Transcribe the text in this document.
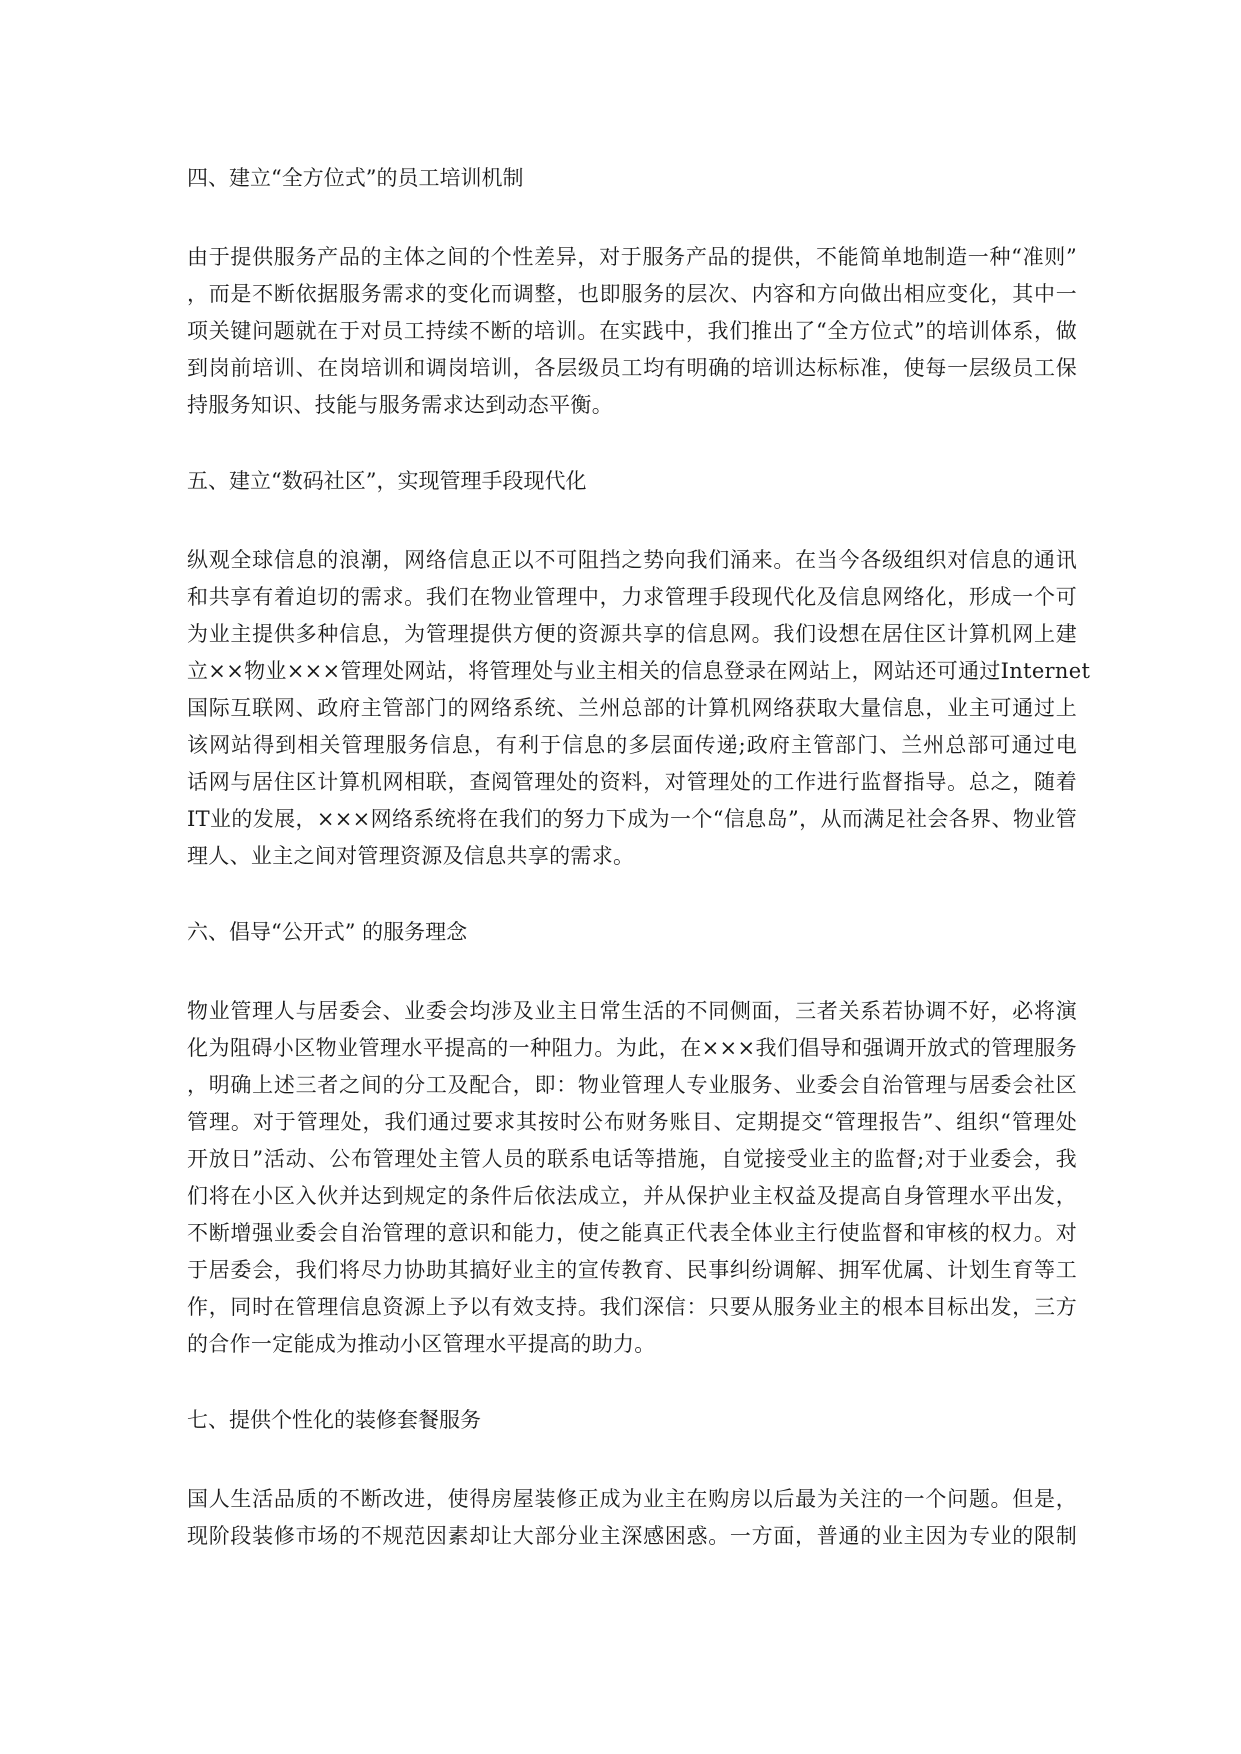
四、建立“全方位式”的员工培训机制
由于提供服务产品的主体之间的个性差异，对于服务产品的提供，不能简单地制造一种“准则”
，而是不断依据服务需求的变化而调整，也即服务的层次、内容和方向做出相应变化，其中一
项关键问题就在于对员工持续不断的培训。在实践中，我们推出了“全方位式”的培训体系，做
到岗前培训、在岗培训和调岗培训，各层级员工均有明确的培训达标标准，使每一层级员工保
持服务知识、技能与服务需求达到动态平衡。
五、建立“数码社区”，实现管理手段现代化
纵观全球信息的浪潮，网络信息正以不可阻挡之势向我们涌来。在当今各级组织对信息的通讯
和共享有着迫切的需求。我们在物业管理中，力求管理手段现代化及信息网络化，形成一个可
为业主提供多种信息，为管理提供方便的资源共享的信息网。我们设想在居住区计算机网上建
立××物业×××管理处网站，将管理处与业主相关的信息登录在网站上，网站还可通过Internet
国际互联网、政府主管部门的网络系统、兰州总部的计算机网络获取大量信息，业主可通过上
该网站得到相关管理服务信息，有利于信息的多层面传递;政府主管部门、兰州总部可通过电
话网与居住区计算机网相联，查阅管理处的资料，对管理处的工作进行监督指导。总之，随着
IT业的发展，×××网络系统将在我们的努力下成为一个“信息岛”，从而满足社会各界、物业管
理人、业主之间对管理资源及信息共享的需求。
六、倡导“公开式” 的服务理念
物业管理人与居委会、业委会均涉及业主日常生活的不同侧面，三者关系若协调不好，必将演
化为阻碍小区物业管理水平提高的一种阻力。为此，在×××我们倡导和强调开放式的管理服务
，明确上述三者之间的分工及配合，即：物业管理人专业服务、业委会自治管理与居委会社区
管理。对于管理处，我们通过要求其按时公布财务账目、定期提交“管理报告”、组织“管理处
开放日”活动、公布管理处主管人员的联系电话等措施，自觉接受业主的监督;对于业委会，我
们将在小区入伙并达到规定的条件后依法成立，并从保护业主权益及提高自身管理水平出发，
不断增强业委会自治管理的意识和能力，使之能真正代表全体业主行使监督和审核的权力。对
于居委会，我们将尽力协助其搞好业主的宣传教育、民事纠纷调解、拥军优属、计划生育等工
作，同时在管理信息资源上予以有效支持。我们深信：只要从服务业主的根本目标出发，三方
的合作一定能成为推动小区管理水平提高的助力。
七、提供个性化的装修套餐服务
国人生活品质的不断改进，使得房屋装修正成为业主在购房以后最为关注的一个问题。但是，
现阶段装修市场的不规范因素却让大部分业主深感困惑。一方面，普通的业主因为专业的限制
